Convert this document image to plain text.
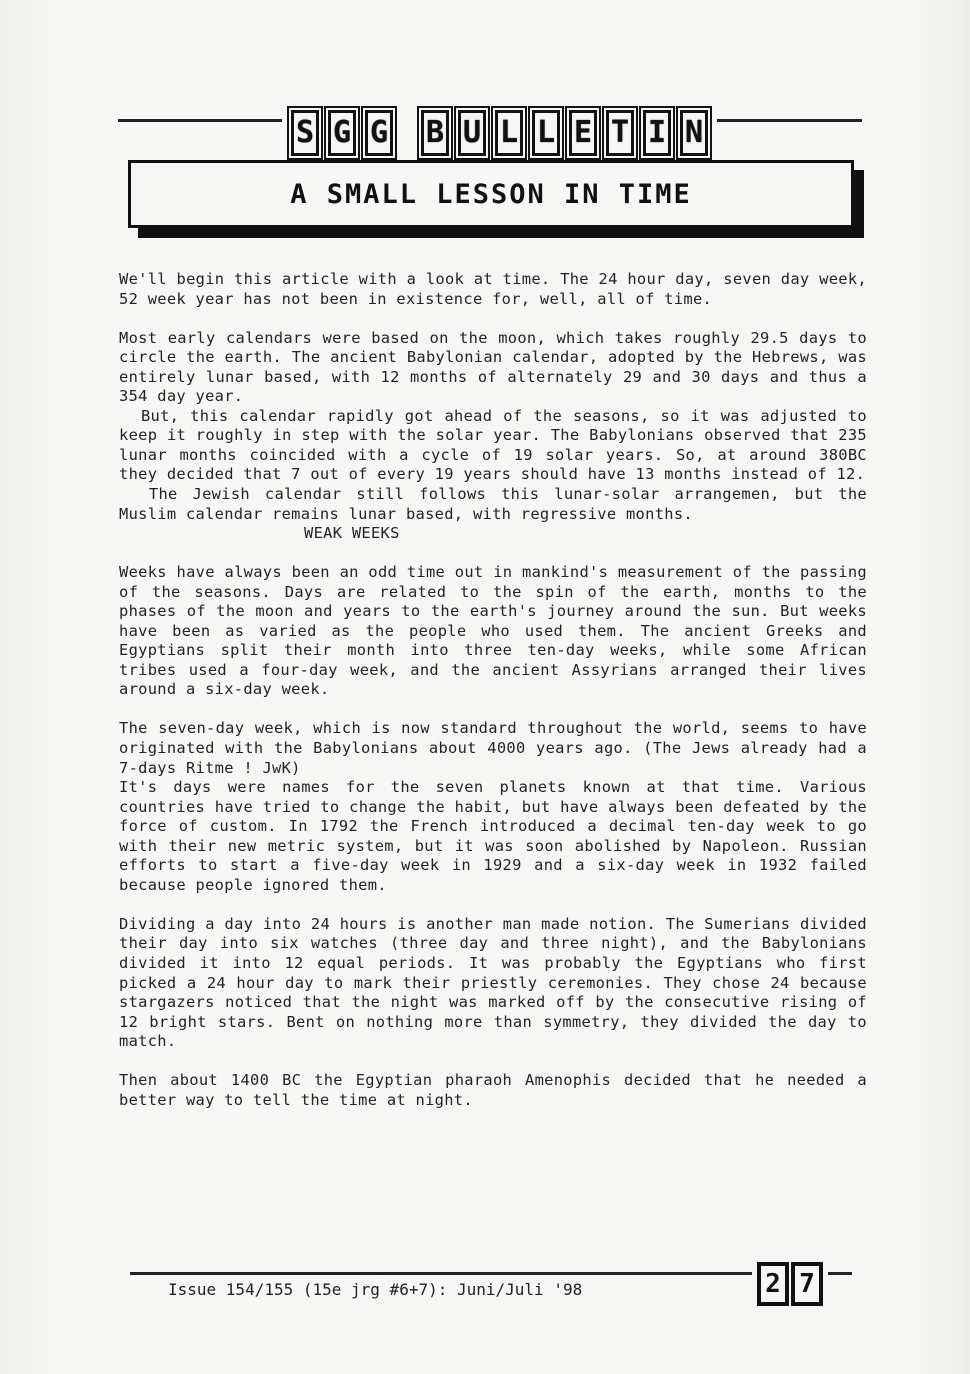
S G G B U L L E T I N
A SMALL LESSON IN TIME

We'll begin this article with a look at time. The 24 hour day, seven day week, 52 week year has not been in existence for, well, all of time.

Most early calendars were based on the moon, which takes roughly 29.5 days to circle the earth. The ancient Babylonian calendar, adopted by the Hebrews, was entirely lunar based, with 12 months of alternately 29 and 30 days and thus a 354 day year.

But, this calendar rapidly got ahead of the seasons, so it was adjusted to keep it roughly in step with the solar year. The Babylonians observed that 235 lunar months coincided with a cycle of 19 solar years. So, at around 380BC they decided that 7 out of every 19 years should have 13 months instead of 12.

The Jewish calendar still follows this lunar-solar arrangemen, but the Muslim calendar remains lunar based, with regressive months.

WEAK WEEKS

Weeks have always been an odd time out in mankind's measurement of the passing of the seasons. Days are related to the spin of the earth, months to the phases of the moon and years to the earth's journey around the sun. But weeks have been as varied as the people who used them. The ancient Greeks and Egyptians split their month into three ten-day weeks, while some African tribes used a four-day week, and the ancient Assyrians arranged their lives around a six-day week.

The seven-day week, which is now standard throughout the world, seems to have originated with the Babylonians about 4000 years ago. (The Jews already had a 7-days Ritme ! JwK)

It's days were names for the seven planets known at that time. Various countries have tried to change the habit, but have always been defeated by the force of custom. In 1792 the French introduced a decimal ten-day week to go with their new metric system, but it was soon abolished by Napoleon. Russian efforts to start a five-day week in 1929 and a six-day week in 1932 failed because people ignored them.

Dividing a day into 24 hours is another man made notion. The Sumerians divided their day into six watches (three day and three night), and the Babylonians divided it into 12 equal periods. It was probably the Egyptians who first picked a 24 hour day to mark their priestly ceremonies. They chose 24 because stargazers noticed that the night was marked off by the consecutive rising of 12 bright stars. Bent on nothing more than symmetry, they divided the day to match.

Then about 1400 BC the Egyptian pharaoh Amenophis decided that he needed a better way to tell the time at night.

Issue 154/155 (15e jrg #6+7): Juni/Juli '98	2 7
